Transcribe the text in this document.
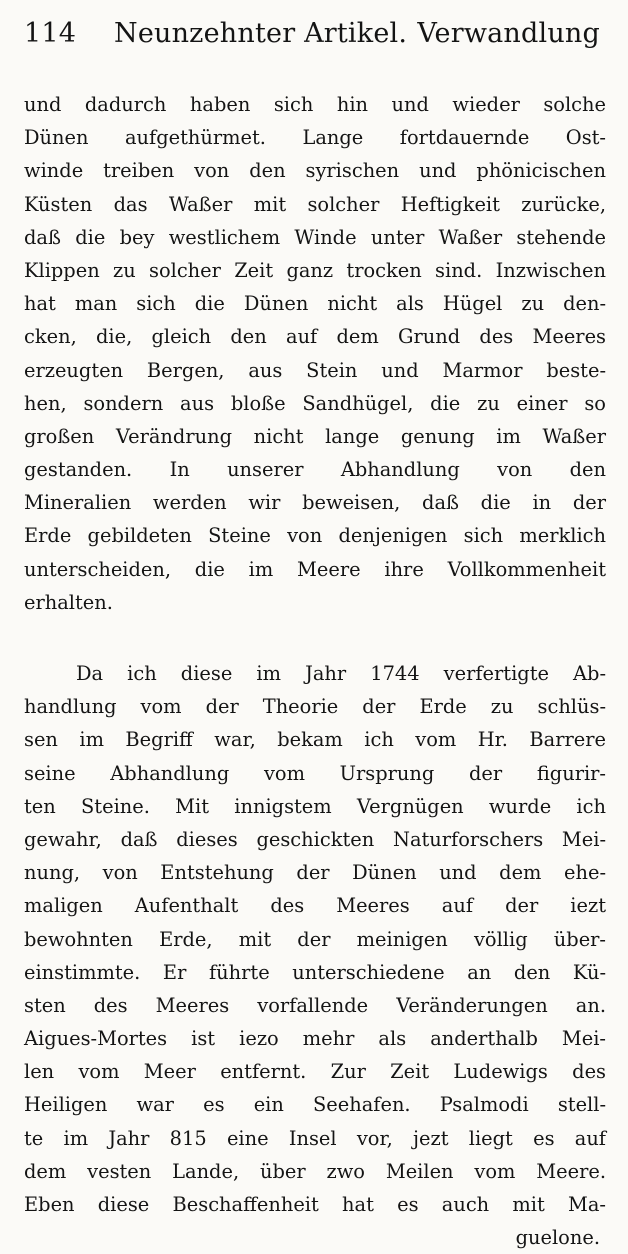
114	Neunzehnter Artikel. Verwandlung
und dadurch haben sich hin und wieder solche
Dünen aufgethürmet. Lange fortdauernde Ost-
winde treiben von den syrischen und phönicischen
Küsten das Waßer mit solcher Heftigkeit zurücke,
daß die bey westlichem Winde unter Waßer stehende
Klippen zu solcher Zeit ganz trocken sind. Inzwischen
hat man sich die Dünen nicht als Hügel zu den-
cken, die, gleich den auf dem Grund des Meeres
erzeugten Bergen, aus Stein und Marmor beste-
hen, sondern aus bloße Sandhügel, die zu einer so
großen Verändrung nicht lange genung im Waßer
gestanden. In unserer Abhandlung von den
Mineralien werden wir beweisen, daß die in der
Erde gebildeten Steine von denjenigen sich merklich
unterscheiden, die im Meere ihre Vollkommenheit
erhalten.
Da ich diese im Jahr 1744 verfertigte Ab-
handlung vom der Theorie der Erde zu schlüs-
sen im Begriff war, bekam ich vom Hr. Barrere
seine Abhandlung vom Ursprung der figurir-
ten Steine. Mit innigstem Vergnügen wurde ich
gewahr, daß dieses geschickten Naturforschers Mei-
nung, von Entstehung der Dünen und dem ehe-
maligen Aufenthalt des Meeres auf der iezt
bewohnten Erde, mit der meinigen völlig über-
einstimmte. Er führte unterschiedene an den Kü-
sten des Meeres vorfallende Veränderungen an.
Aigues-Mortes ist iezo mehr als anderthalb Mei-
len vom Meer entfernt. Zur Zeit Ludewigs des
Heiligen war es ein Seehafen. Psalmodi stell-
te im Jahr 815 eine Insel vor, jezt liegt es auf
dem vesten Lande, über zwo Meilen vom Meere.
Eben diese Beschaffenheit hat es auch mit Ma-
guelone.
